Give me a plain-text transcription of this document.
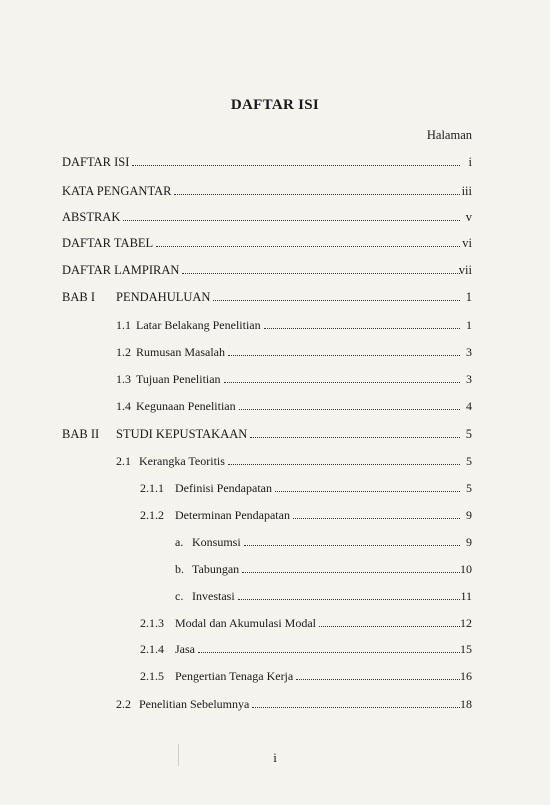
DAFTAR ISI
Halaman
DAFTAR ISI	i
KATA PENGANTAR	iii
ABSTRAK	v
DAFTAR TABEL	vi
DAFTAR LAMPIRAN	vii
BAB I	PENDAHULUAN	1
1.1 Latar Belakang Penelitian	1
1.2 Rumusan Masalah	3
1.3 Tujuan Penelitian	3
1.4 Kegunaan Penelitian	4
BAB II	STUDI KEPUSTAKAAN	5
2.1 Kerangka Teoritis	5
2.1.1 Definisi Pendapatan	5
2.1.2 Determinan Pendapatan	9
a. Konsumsi	9
b. Tabungan	10
c. Investasi	11
2.1.3 Modal dan Akumulasi Modal	12
2.1.4 Jasa	15
2.1.5 Pengertian Tenaga Kerja	16
2.2 Penelitian Sebelumnya	18
i
